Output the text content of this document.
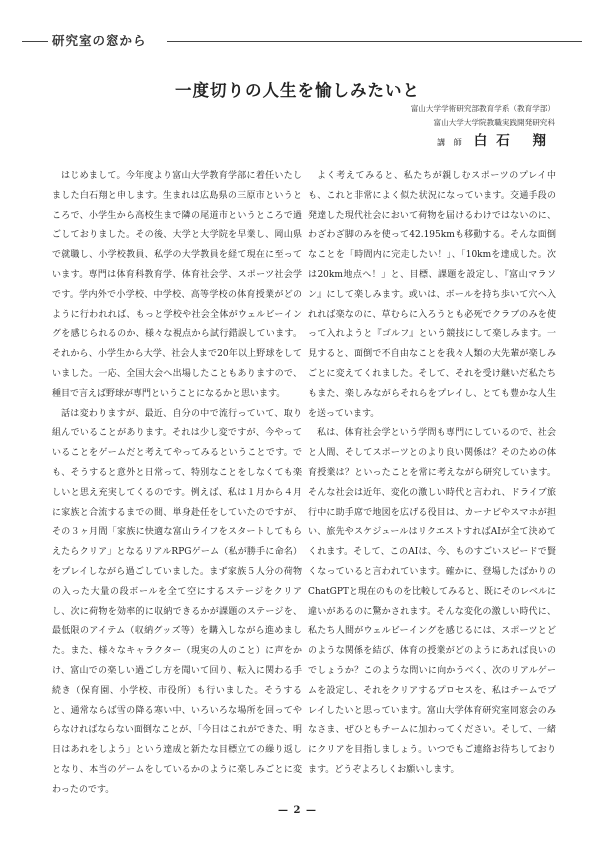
研究室の窓から
一度切りの人生を愉しみたいと
富山大学学術研究部教育学系（教育学部）
富山大学大学院教職実践開発研究科
講 師 白石 翔

はじめまして。今年度より富山大学教育学部に着任いたしました白石翔と申します。生まれは広島県の三原市というところで、小学生から高校生まで隣の尾道市というところで過ごしておりました。その後、大学と大学院を早業し、岡山県で就職し、小学校教員、私学の大学教員を経て現在に至っています。専門は体育科教育学、体育社会学、スポーツ社会学です。学内外で小学校、中学校、高等学校の体育授業がどのように行われれば、もっと学校や社会全体がウェルビーイングを感じられるのか、様々な視点から試行錯誤しています。それから、小学生から大学、社会人まで20年以上野球をしていました。一応、全国大会へ出場したこともありますので、種目で言えば野球が専門ということになるかと思います。

話は変わりますが、最近、自分の中で流行っていて、取り組んでいることがあります。それは少し変ですが、今やっていることをゲームだと考えてやってみるということです。でも、そうすると意外と日常って、特別なことをしなくても楽しいと思え充実してくるのです。例えば、私は１月から４月に家族と合流するまでの間、単身赴任をしていたのですが、その３ヶ月間「家族に快適な富山ライフをスタートしてもらえたらクリア」となるリアルRPGゲーム（私が勝手に命名）をプレイしながら過ごしていました。まず家族５人分の荷物の入った大量の段ボールを全て空にするステージをクリアし、次に荷物を効率的に収納できるかが課題のステージを、最低限のアイテム（収納グッズ等）を購入しながら進めました。また、様々なキャラクター（現実の人のこと）に声をかけ、富山での楽しい過ごし方を聞いて回り、転入に関わる手続き（保育園、小学校、市役所）も行いました。そうすると、通常ならば雪の降る寒い中、いろいろな場所を回ってやらなければならない面倒なことが、「今日はこれができた、明日はあれをしよう」という達成と新たな目標立ての繰り返しとなり、本当のゲームをしているかのように楽しみごとに変わったのです。

よく考えてみると、私たちが親しむスポーツのプレイ中も、これと非常によく似た状況になっています。交通手段の発達した現代社会において荷物を届けるわけではないのに、わざわざ脚のみを使って42.195kmも移動する。そんな面倒なことを「時間内に完走したい！」、「10kmを達成した。次は20km地点へ！」と、目標、課題を設定し、『富山マラソン』にして楽しみます。或いは、ボールを持ち歩いて穴へ入れれば楽なのに、草むらに入ろうとも必死でクラブのみを使って入れようと『ゴルフ』という競技にして楽しみます。一見すると、面倒で不自由なことを我々人類の大先輩が楽しみごとに変えてくれました。そして、それを受け継いだ私たちもまた、楽しみながらそれらをプレイし、とても豊かな人生を送っています。

私は、体育社会学という学問も専門にしているので、社会と人間、そしてスポーツとのより良い関係は？そのための体育授業は？といったことを常に考えながら研究しています。そんな社会は近年、変化の激しい時代と言われ、ドライブ旅行中に助手席で地図を広げる役目は、カーナビやスマホが担い、旅先やスケジュールはリクエストすればAIが全て決めてくれます。そして、このAIは、今、ものすごいスピードで賢くなっていると言われています。確かに、登場したばかりのChatGPTと現在のものを比較してみると、既にそのレベルに違いがあるのに驚かされます。そんな変化の激しい時代に、私たち人間がウェルビーイングを感じるには、スポーツとどのような関係を結び、体育の授業がどのようにあれば良いのでしょうか？このような問いに向かうべく、次のリアルゲームを設定し、それをクリアするプロセスを、私はチームでプレイしたいと思っています。富山大学体育研究室同窓会のみなさま、ぜひともチームに加わってください。そして、一緒にクリアを目指しましょう。いつでもご連絡お待ちしております。どうぞよろしくお願いします。

— 2 —
